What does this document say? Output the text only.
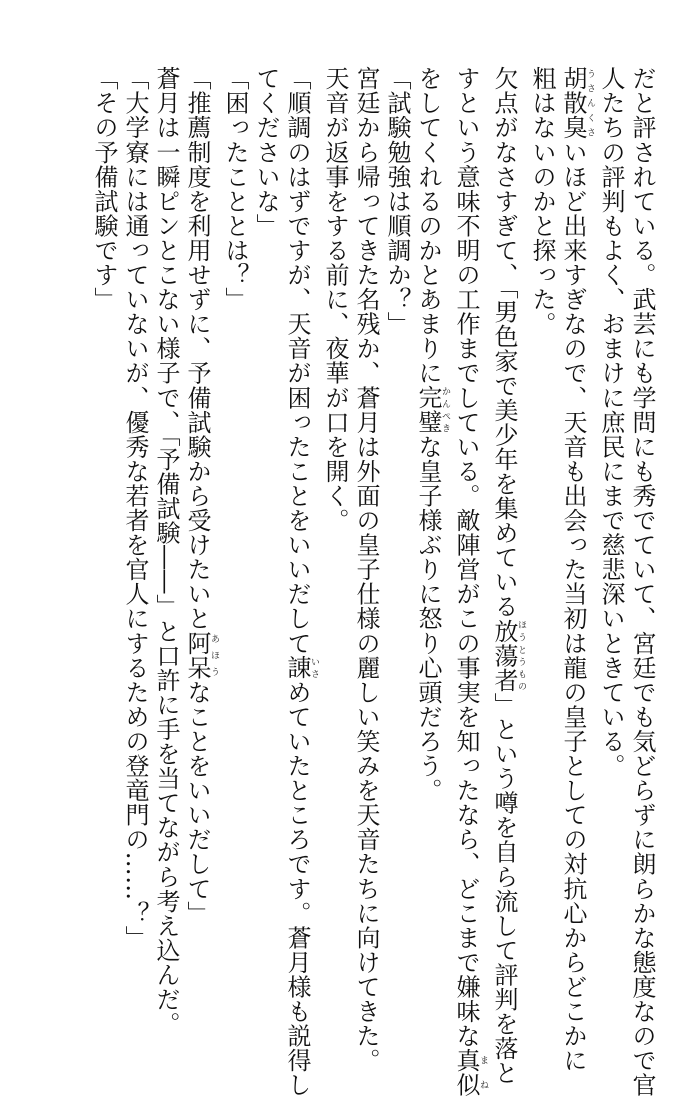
だと評されている。武芸にも学問にも秀でていて、宮廷でも気どらずに朗らかな態度なので官

人たちの評判もよく、おまけに庶民にまで慈悲深いときている。

胡散臭うさんくさいほど出来すぎなので、天音も出会った当初は龍の皇子としての対抗心からどこかに

粗はないのかと探った。

欠点がなさすぎて、「男色家で美少年を集めている放蕩者ほうとうもの」という噂を自ら流して評判を落と

すという意味不明の工作までしている。敵陣営がこの事実を知ったなら、どこまで嫌味な真似まね

をしてくれるのかとあまりに完璧かんぺきな皇子様ぶりに怒り心頭だろう。

「試験勉強は順調か？」

宮廷から帰ってきた名残か、蒼月は外面の皇子仕様の麗しい笑みを天音たちに向けてきた。

天音が返事をする前に、夜華が口を開く。

「順調のはずですが、天音が困ったことをいいだして諌いさめていたところです。蒼月様も説得し

てくださいな」

「困ったこととは？」

「推薦制度を利用せずに、予備試験から受けたいと阿呆あほうなことをいいだして」

蒼月は一瞬ピンとこない様子で、「予備試験――」と口許に手を当てながら考え込んだ。

「大学寮には通っていないが、優秀な若者を官人にするための登竜門の……？」

「その予備試験です」
